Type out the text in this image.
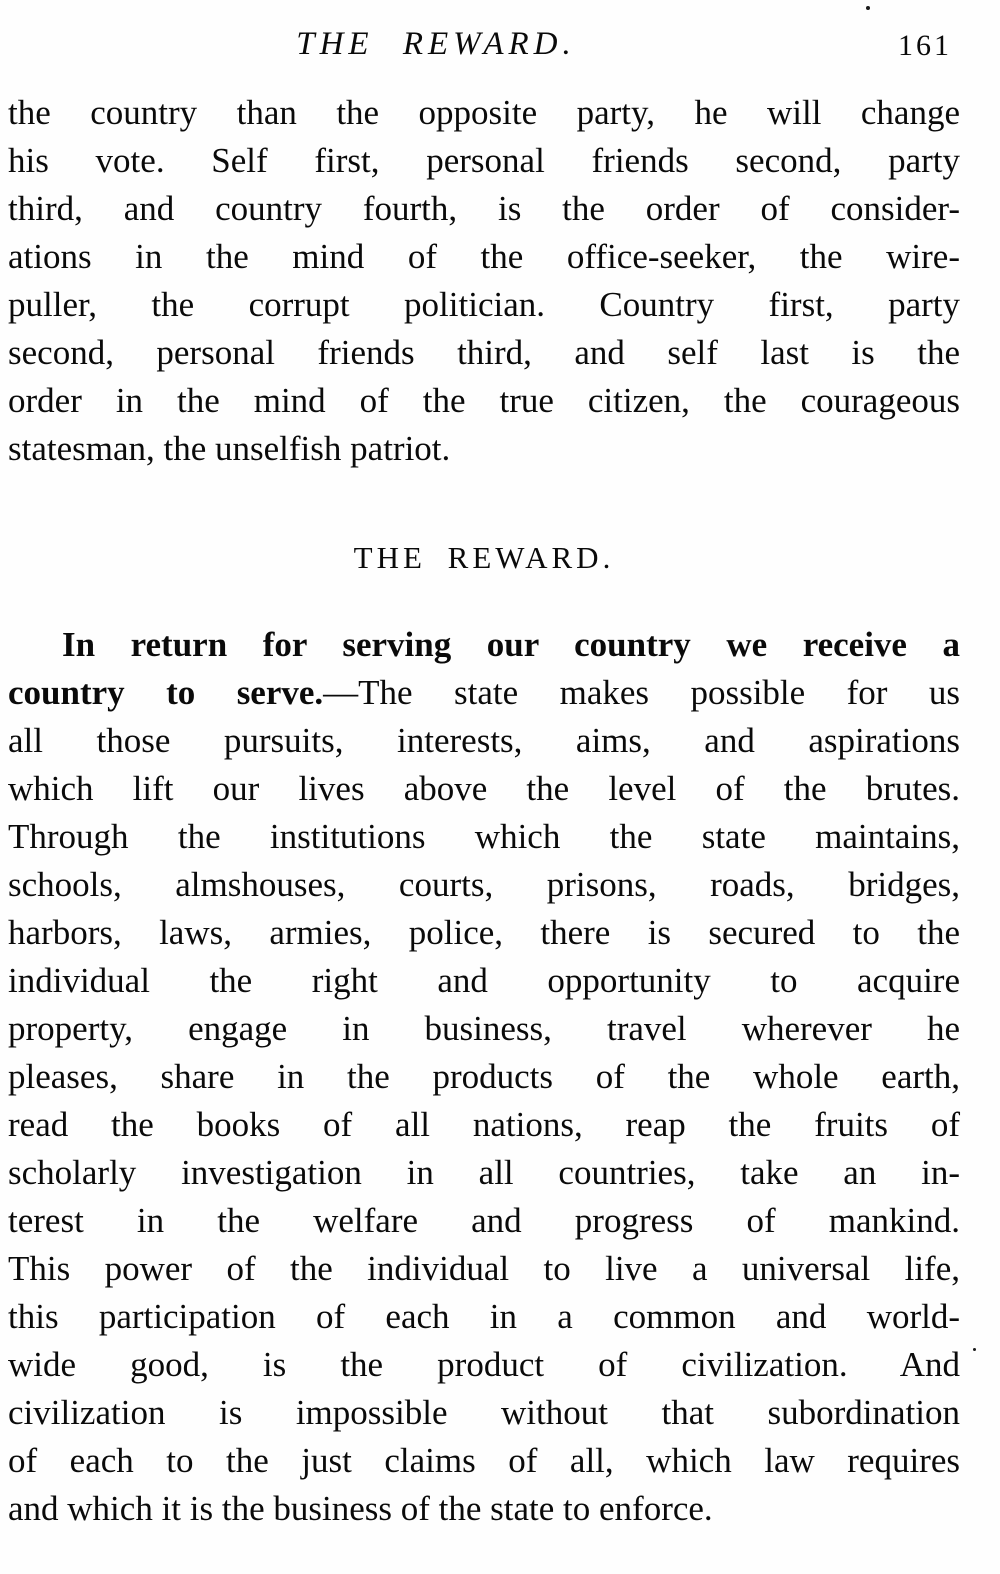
THE REWARD.	161
the country than the opposite party, he will change
his vote. Self first, personal friends second, party
third, and country fourth, is the order of consider-
ations in the mind of the office-seeker, the wire-
puller, the corrupt politician. Country first, party
second, personal friends third, and self last is the
order in the mind of the true citizen, the courageous
statesman, the unselfish patriot.
THE REWARD.
In return for serving our country we receive a
country to serve.—The state makes possible for us
all those pursuits, interests, aims, and aspirations
which lift our lives above the level of the brutes.
Through the institutions which the state maintains,
schools, almshouses, courts, prisons, roads, bridges,
harbors, laws, armies, police, there is secured to the
individual the right and opportunity to acquire
property, engage in business, travel wherever he
pleases, share in the products of the whole earth,
read the books of all nations, reap the fruits of
scholarly investigation in all countries, take an in-
terest in the welfare and progress of mankind.
This power of the individual to live a universal life,
this participation of each in a common and world-
wide good, is the product of civilization. And
civilization is impossible without that subordination
of each to the just claims of all, which law requires
and which it is the business of the state to enforce.
